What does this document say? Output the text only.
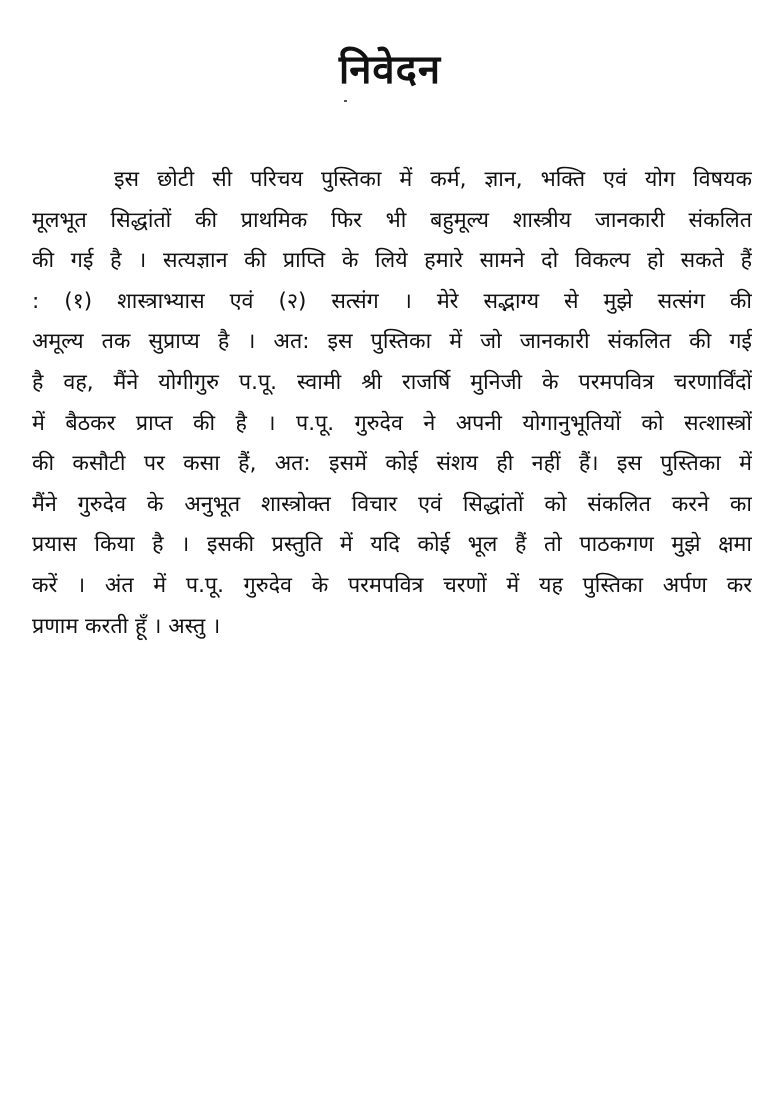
निवेदन
इस छोटी सी परिचय पुस्तिका में कर्म, ज्ञान, भक्ति एवं योग विषयक
मूलभूत सिद्धांतों की प्राथमिक फिर भी बहुमूल्य शास्त्रीय जानकारी संकलित
की गई है । सत्यज्ञान की प्राप्ति के लिये हमारे सामने दो विकल्प हो सकते हैं
: (१) शास्त्राभ्यास एवं (२) सत्संग । मेरे सद्भाग्य से मुझे सत्संग की
अमूल्य तक सुप्राप्य है । अत: इस पुस्तिका में जो जानकारी संकलित की गई
है वह, मैंने योगीगुरु प.पू. स्वामी श्री राजर्षि मुनिजी के परमपवित्र चरणार्विंदों
में बैठकर प्राप्त की है । प.पू. गुरुदेव ने अपनी योगानुभूतियों को सत्शास्त्रों
की कसौटी पर कसा हैं, अत: इसमें कोई संशय ही नहीं हैं। इस पुस्तिका में
मैंने गुरुदेव के अनुभूत शास्त्रोक्त विचार एवं सिद्धांतों को संकलित करने का
प्रयास किया है । इसकी प्रस्तुति में यदि कोई भूल हैं तो पाठकगण मुझे क्षमा
करें । अंत में प.पू. गुरुदेव के परमपवित्र चरणों में यह पुस्तिका अर्पण कर
प्रणाम करती हूँ । अस्तु ।
